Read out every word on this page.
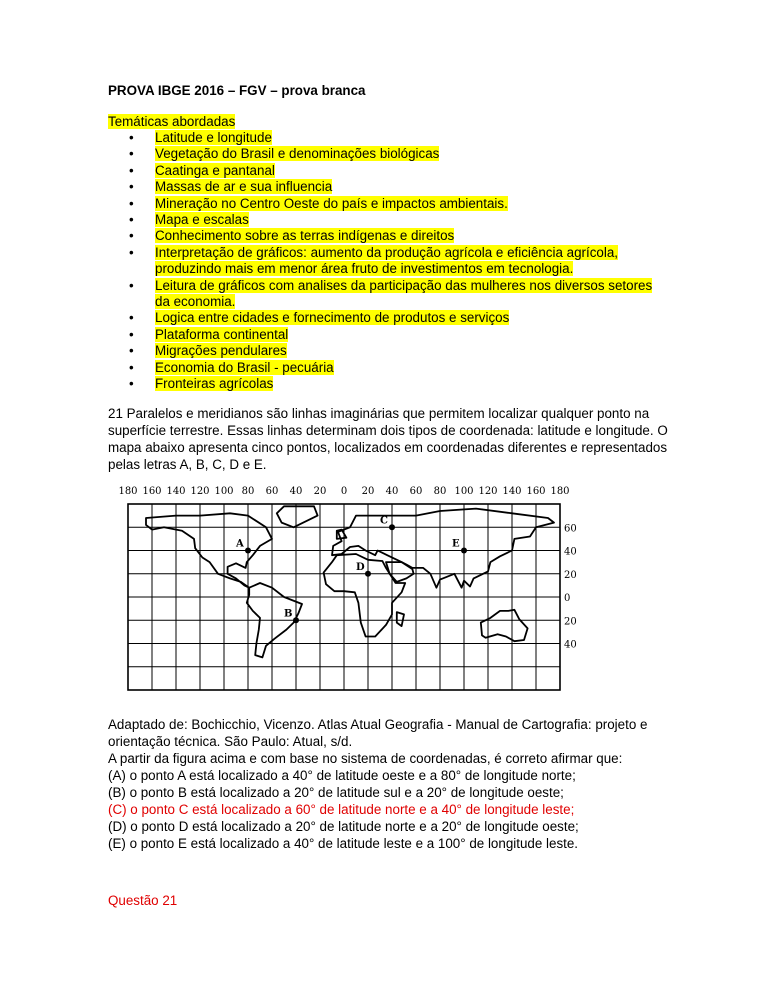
PROVA IBGE 2016 – FGV – prova branca
Temáticas abordadas
• Latitude e longitude
• Vegetação do Brasil e denominações biológicas
• Caatinga e pantanal
• Massas de ar e sua influencia
• Mineração no Centro Oeste do país e impactos ambientais.
• Mapa e escalas
• Conhecimento sobre as terras indígenas e direitos
• Interpretação de gráficos: aumento da produção agrícola e eficiência agrícola, produzindo mais em menor área fruto de investimentos em tecnologia.
• Leitura de gráficos com analises da participação das mulheres nos diversos setores da economia.
• Logica entre cidades e fornecimento de produtos e serviços
• Plataforma continental
• Migrações pendulares
• Economia do Brasil - pecuária
• Fronteiras agrícolas
21 Paralelos e meridianos são linhas imaginárias que permitem localizar qualquer ponto na superfície terrestre. Essas linhas determinam dois tipos de coordenada: latitude e longitude. O mapa abaixo apresenta cinco pontos, localizados em coordenadas diferentes e representados pelas letras A, B, C, D e E.
180 160 140 120 100 80 60 40 20 0 20 40 60 80 100 120 140 160 180
60
40
20
0
20
40
A
B
C
D
E
Adaptado de: Bochicchio, Vicenzo. Atlas Atual Geografia - Manual de Cartografia: projeto e orientação técnica. São Paulo: Atual, s/d.
A partir da figura acima e com base no sistema de coordenadas, é correto afirmar que:
(A) o ponto A está localizado a 40° de latitude oeste e a 80° de longitude norte;
(B) o ponto B está localizado a 20° de latitude sul e a 20° de longitude oeste;
(C) o ponto C está localizado a 60° de latitude norte e a 40° de longitude leste;
(D) o ponto D está localizado a 20° de latitude norte e a 20° de longitude oeste;
(E) o ponto E está localizado a 40° de latitude leste e a 100° de longitude leste.
Questão 21
